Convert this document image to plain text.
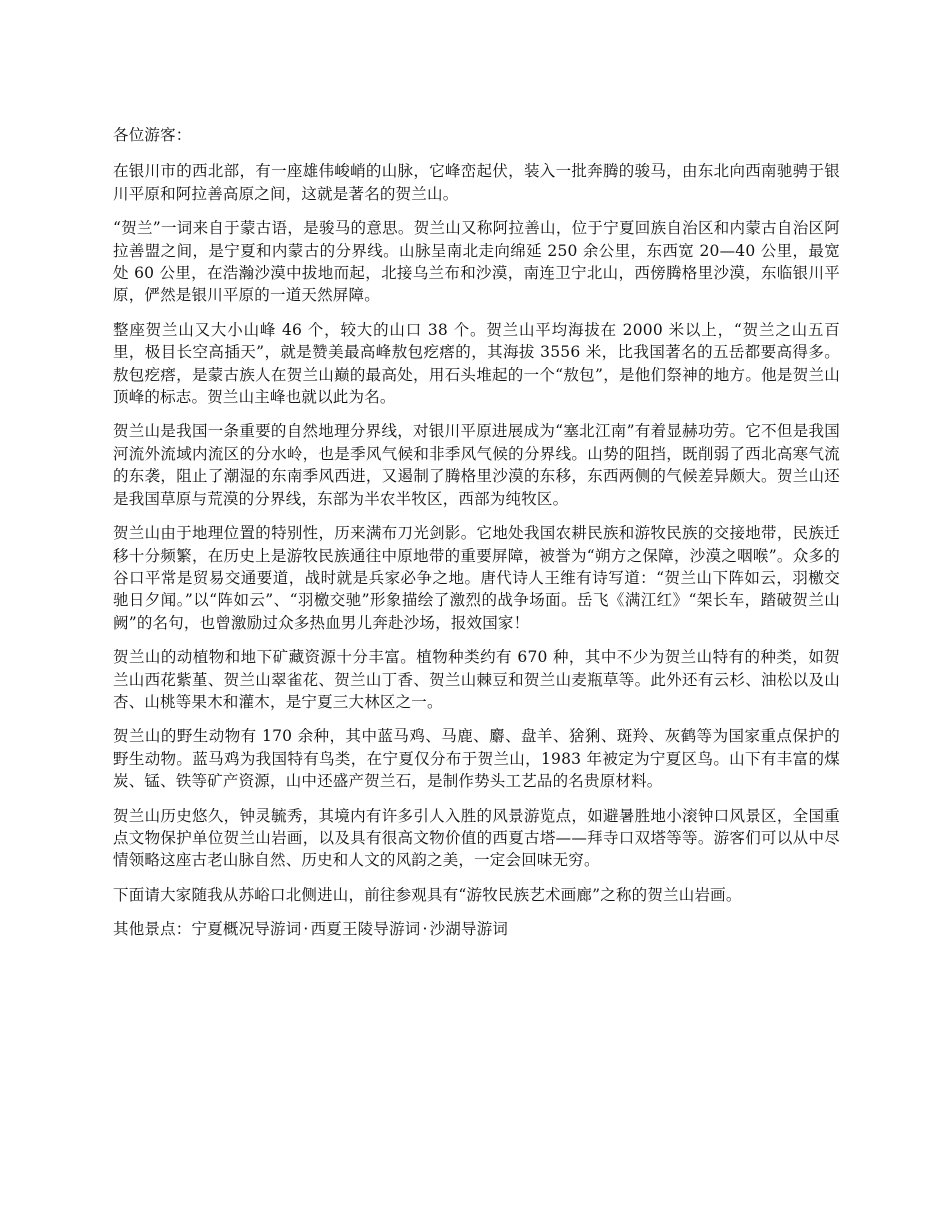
各位游客：

在银川市的西北部，有一座雄伟峻峭的山脉，它峰峦起伏，装入一批奔腾的骏马，由东北向西南驰骋于银川平原和阿拉善高原之间，这就是著名的贺兰山。

“贺兰”一词来自于蒙古语，是骏马的意思。贺兰山又称阿拉善山，位于宁夏回族自治区和内蒙古自治区阿拉善盟之间，是宁夏和内蒙古的分界线。山脉呈南北走向绵延 250 余公里，东西宽 20—40 公里，最宽处 60 公里，在浩瀚沙漠中拔地而起，北接乌兰布和沙漠，南连卫宁北山，西傍腾格里沙漠，东临银川平原，俨然是银川平原的一道天然屏障。

整座贺兰山又大小山峰 46 个，较大的山口 38 个。贺兰山平均海拔在 2000 米以上，“贺兰之山五百里，极目长空高插天”，就是赞美最高峰敖包疙瘩的，其海拔 3556 米，比我国著名的五岳都要高得多。敖包疙瘩，是蒙古族人在贺兰山巅的最高处，用石头堆起的一个“敖包”，是他们祭神的地方。他是贺兰山顶峰的标志。贺兰山主峰也就以此为名。

贺兰山是我国一条重要的自然地理分界线，对银川平原进展成为“塞北江南”有着显赫功劳。它不但是我国河流外流域内流区的分水岭，也是季风气候和非季风气候的分界线。山势的阻挡，既削弱了西北高寒气流的东袭，阻止了潮湿的东南季风西进，又遏制了腾格里沙漠的东移，东西两侧的气候差异颇大。贺兰山还是我国草原与荒漠的分界线，东部为半农半牧区，西部为纯牧区。

贺兰山由于地理位置的特别性，历来满布刀光剑影。它地处我国农耕民族和游牧民族的交接地带，民族迁移十分频繁，在历史上是游牧民族通往中原地带的重要屏障，被誉为“朔方之保障，沙漠之咽喉”。众多的谷口平常是贸易交通要道，战时就是兵家必争之地。唐代诗人王维有诗写道：“贺兰山下阵如云，羽檄交驰日夕闻。”以“阵如云”、“羽檄交驰”形象描绘了激烈的战争场面。岳飞《满江红》“架长车，踏破贺兰山阙”的名句，也曾激励过众多热血男儿奔赴沙场，报效国家！

贺兰山的动植物和地下矿藏资源十分丰富。植物种类约有 670 种，其中不少为贺兰山特有的种类，如贺兰山西花紫堇、贺兰山翠雀花、贺兰山丁香、贺兰山棘豆和贺兰山麦瓶草等。此外还有云杉、油松以及山杏、山桃等果木和灌木，是宁夏三大林区之一。

贺兰山的野生动物有 170 余种，其中蓝马鸡、马鹿、麝、盘羊、猞猁、斑羚、灰鹤等为国家重点保护的野生动物。蓝马鸡为我国特有鸟类，在宁夏仅分布于贺兰山，1983 年被定为宁夏区鸟。山下有丰富的煤炭、锰、铁等矿产资源，山中还盛产贺兰石，是制作势头工艺品的名贵原材料。

贺兰山历史悠久，钟灵毓秀，其境内有许多引人入胜的风景游览点，如避暑胜地小滚钟口风景区，全国重点文物保护单位贺兰山岩画，以及具有很高文物价值的西夏古塔——拜寺口双塔等等。游客们可以从中尽情领略这座古老山脉自然、历史和人文的风韵之美，一定会回味无穷。

下面请大家随我从苏峪口北侧进山，前往参观具有“游牧民族艺术画廊”之称的贺兰山岩画。

其他景点：宁夏概况导游词 · 西夏王陵导游词 · 沙湖导游词
